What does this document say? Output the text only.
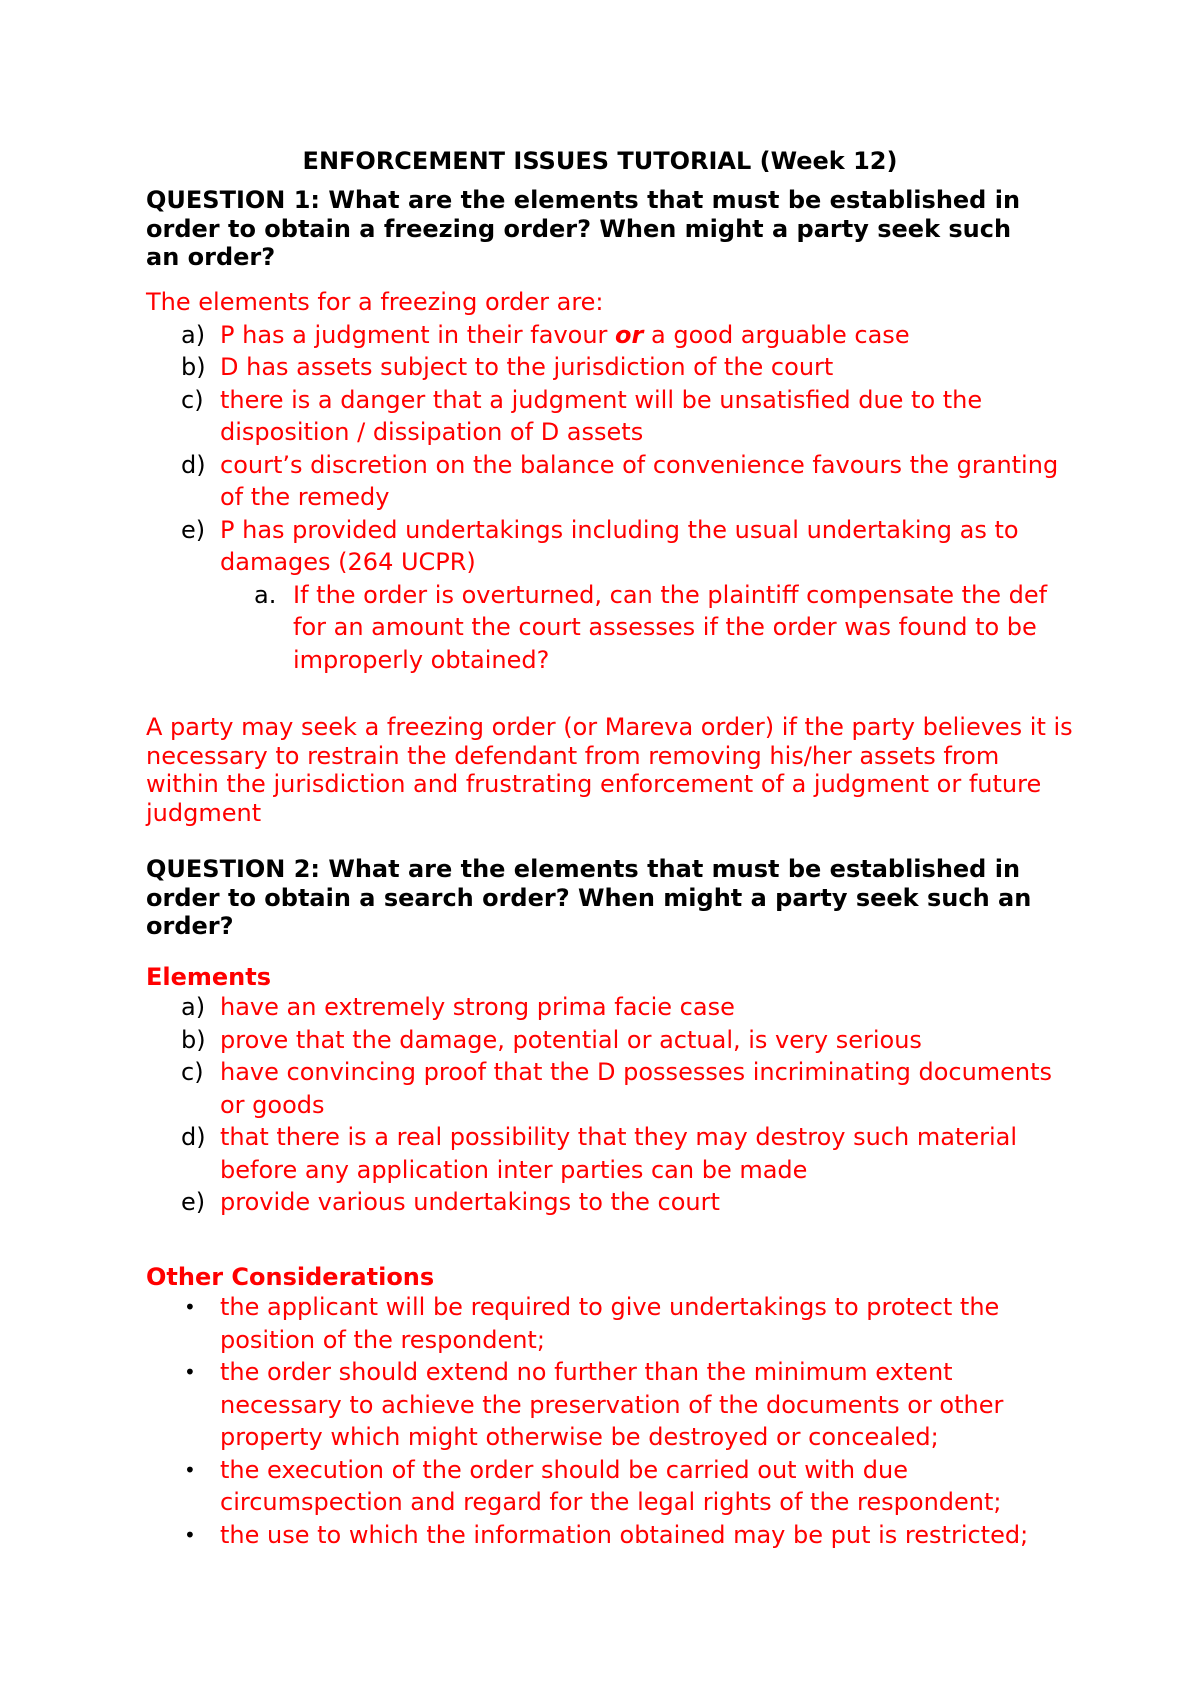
ENFORCEMENT ISSUES TUTORIAL (Week 12)
QUESTION 1: What are the elements that must be established in order to obtain a freezing order? When might a party seek such an order?
The elements for a freezing order are:
a) P has a judgment in their favour or a good arguable case
b) D has assets subject to the jurisdiction of the court
c) there is a danger that a judgment will be unsatisfied due to the disposition / dissipation of D assets
d) court’s discretion on the balance of convenience favours the granting of the remedy
e) P has provided undertakings including the usual undertaking as to damages (264 UCPR)
a. If the order is overturned, can the plaintiff compensate the def for an amount the court assesses if the order was found to be improperly obtained?
A party may seek a freezing order (or Mareva order) if the party believes it is necessary to restrain the defendant from removing his/her assets from within the jurisdiction and frustrating enforcement of a judgment or future judgment
QUESTION 2: What are the elements that must be established in order to obtain a search order? When might a party seek such an order?
Elements
a) have an extremely strong prima facie case
b) prove that the damage, potential or actual, is very serious
c) have convincing proof that the D possesses incriminating documents or goods
d) that there is a real possibility that they may destroy such material before any application inter parties can be made
e) provide various undertakings to the court
Other Considerations
• the applicant will be required to give undertakings to protect the position of the respondent;
• the order should extend no further than the minimum extent necessary to achieve the preservation of the documents or other property which might otherwise be destroyed or concealed;
• the execution of the order should be carried out with due circumspection and regard for the legal rights of the respondent;
• the use to which the information obtained may be put is restricted;
